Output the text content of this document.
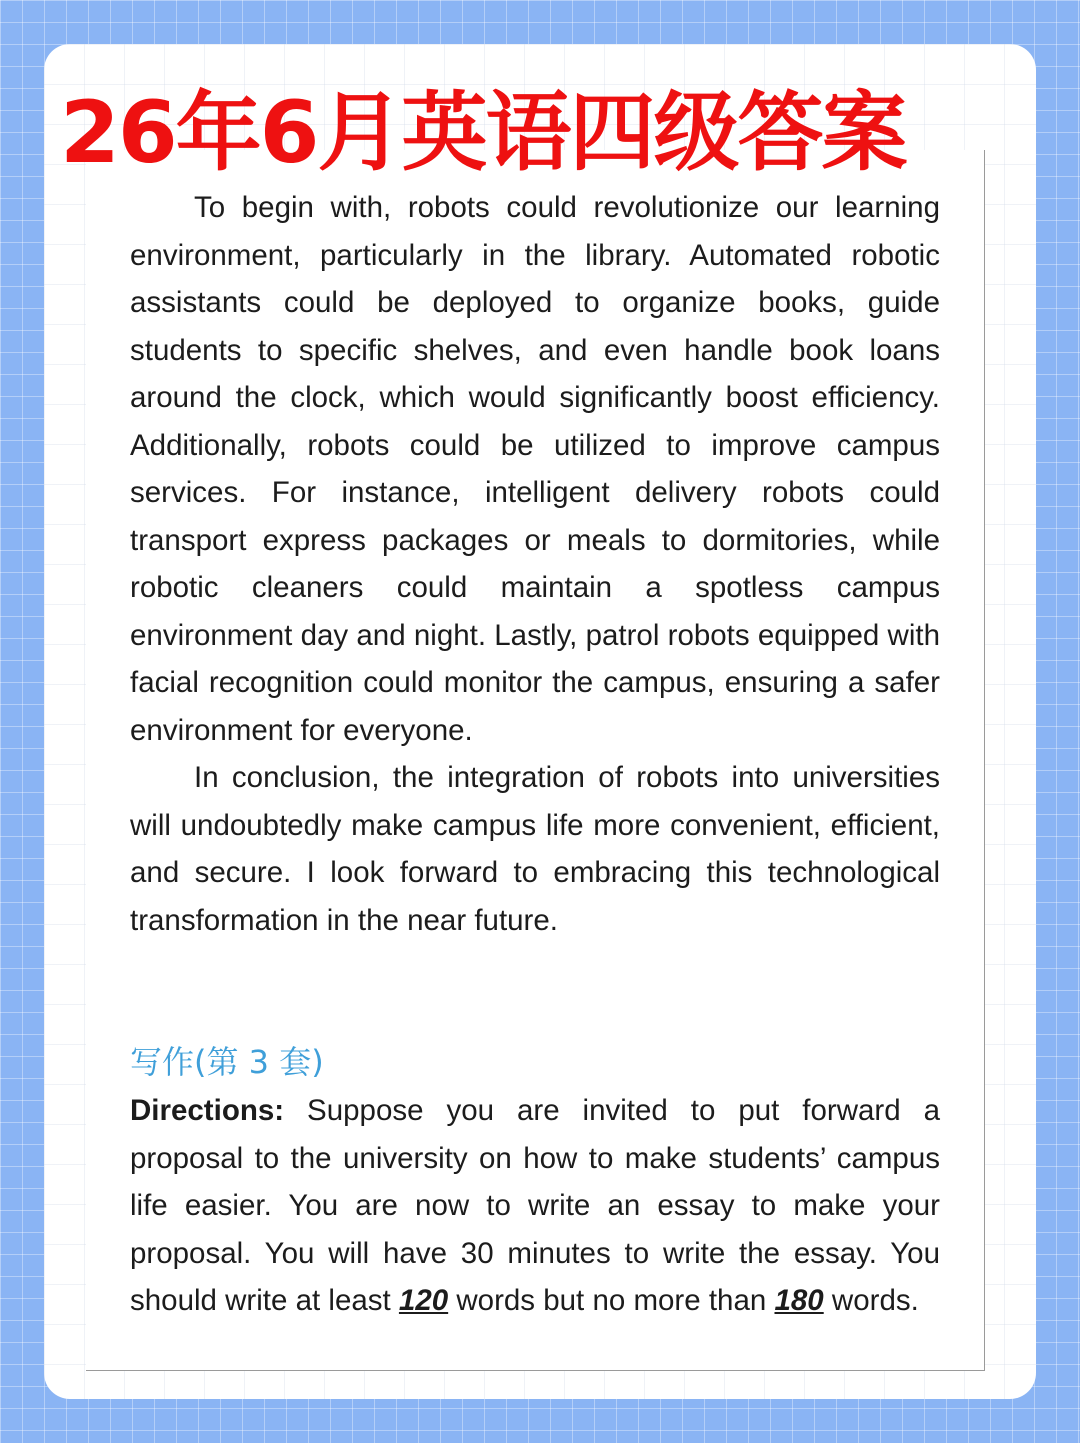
26年6月英语四级答案

To begin with, robots could revolutionize our learning environment, particularly in the library. Automated robotic assistants could be deployed to organize books, guide students to specific shelves, and even handle book loans around the clock, which would significantly boost efficiency. Additionally, robots could be utilized to improve campus services. For instance, intelligent delivery robots could transport express packages or meals to dormitories, while robotic cleaners could maintain a spotless campus environment day and night. Lastly, patrol robots equipped with facial recognition could monitor the campus, ensuring a safer environment for everyone.

In conclusion, the integration of robots into universities will undoubtedly make campus life more convenient, efficient, and secure. I look forward to embracing this technological transformation in the near future.

写作(第 3 套)

Directions: Suppose you are invited to put forward a proposal to the university on how to make students’ campus life easier. You are now to write an essay to make your proposal. You will have 30 minutes to write the essay. You should write at least 120 words but no more than 180 words.
